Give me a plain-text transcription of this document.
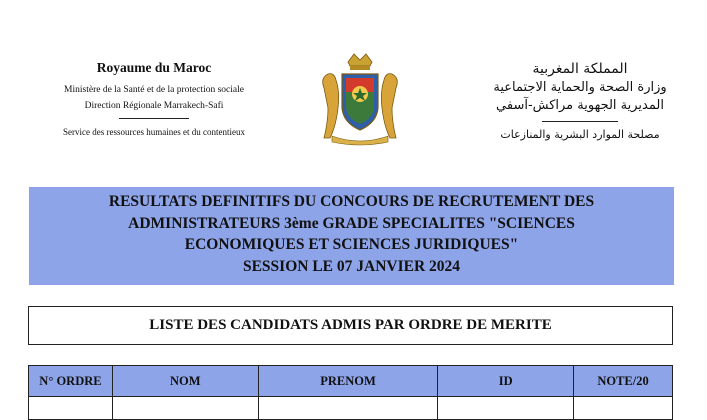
Royaume du Maroc
Ministère de la Santé et de la protection sociale
Direction Régionale Marrakech-Safi
Service des ressources humaines et du contentieux
المملكة المغربية
وزارة الصحة والحماية الاجتماعية
المديرية الجهوية مراكش-آسفي
مصلحة الموارد البشرية والمنازعات
RESULTATS DEFINITIFS DU CONCOURS DE RECRUTEMENT DES
ADMINISTRATEURS 3ème GRADE SPECIALITES "SCIENCES
ECONOMIQUES ET SCIENCES JURIDIQUES"
SESSION LE 07 JANVIER 2024
LISTE DES CANDIDATS ADMIS PAR ORDRE DE MERITE
N° ORDRE	NOM	PRENOM	ID	NOTE/20
